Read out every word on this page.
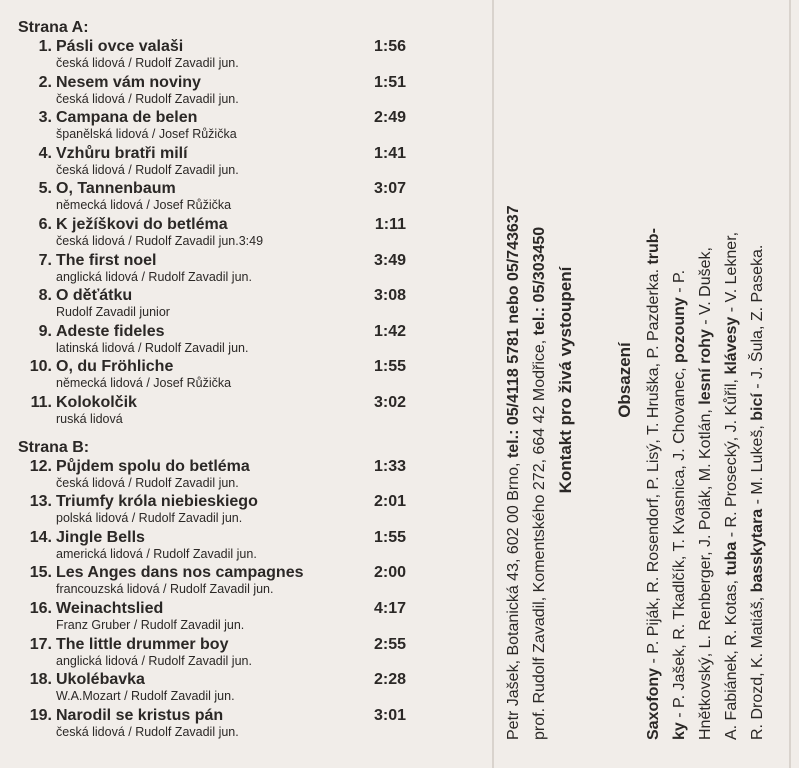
Strana A:
1. Pásli ovce valaši	1:56
česká lidová / Rudolf Zavadil jun.
2. Nesem vám noviny	1:51
česká lidová / Rudolf Zavadil jun.
3. Campana de belen	2:49
španělská lidová / Josef Růžička
4. Vzhůru bratři milí	1:41
česká lidová / Rudolf Zavadil jun.
5. O, Tannenbaum	3:07
německá lidová / Josef Růžička
6. K ježíškovi do betléma	1:11
česká lidová / Rudolf Zavadil jun.3:49
7. The first noel	3:49
anglická lidová / Rudolf Zavadil jun.
8. O děťátku	3:08
Rudolf Zavadil junior
9. Adeste fideles	1:42
latinská lidová / Rudolf Zavadil jun.
10. O, du Fröhliche	1:55
německá lidová / Josef Růžička
11. Kolokolčik	3:02
ruská lidová
Strana B:
12. Půjdem spolu do betléma	1:33
česká lidová / Rudolf Zavadil jun.
13. Triumfy królа niebieskiego	2:01
polská lidová / Rudolf Zavadil jun.
14. Jingle Bells	1:55
americká lidová / Rudolf Zavadil jun.
15. Les Anges dans nos campagnes	2:00
francouzská lidová / Rudolf Zavadil jun.
16. Weinachtslied	4:17
Franz Gruber / Rudolf Zavadil jun.
17. The little drummer boy	2:55
anglická lidová / Rudolf Zavadil jun.
18. Ukolébavka	2:28
W.A.Mozart / Rudolf Zavadil jun.
19. Narodil se kristus pán	3:01
česká lidová / Rudolf Zavadil jun.	Petr Jašek, Botanická 43, 602 00 Brno, tel.: 05/4118 5781 nebo 05/743637
prof. Rudolf Zavadil, Komentského 272, 664 42 Modřice, tel.: 05/303450 Kontakt pro živá vystoupení	Obsazení
Saxofony - P. Piják, R. Rosendorf, P. Lisý, T. Hruška, P. Pazderka. trub-
ky - P. Jašek, R. Tkadlčík, T. Kvasnica, J. Chovanec, pozouny - P.
Hnětkovský, L. Renberger, J. Polák, M. Kotlán, lesní rohy - V. Dušek,
A. Fabiánek, R. Kotas, tuba - R. Prosecký, J. Kůřil, klávesy - V. Lekner,
R. Drozd, K. Matiáš, basskytara - M. Lukeš, bicí - J. Šula, Z. Paseka.
